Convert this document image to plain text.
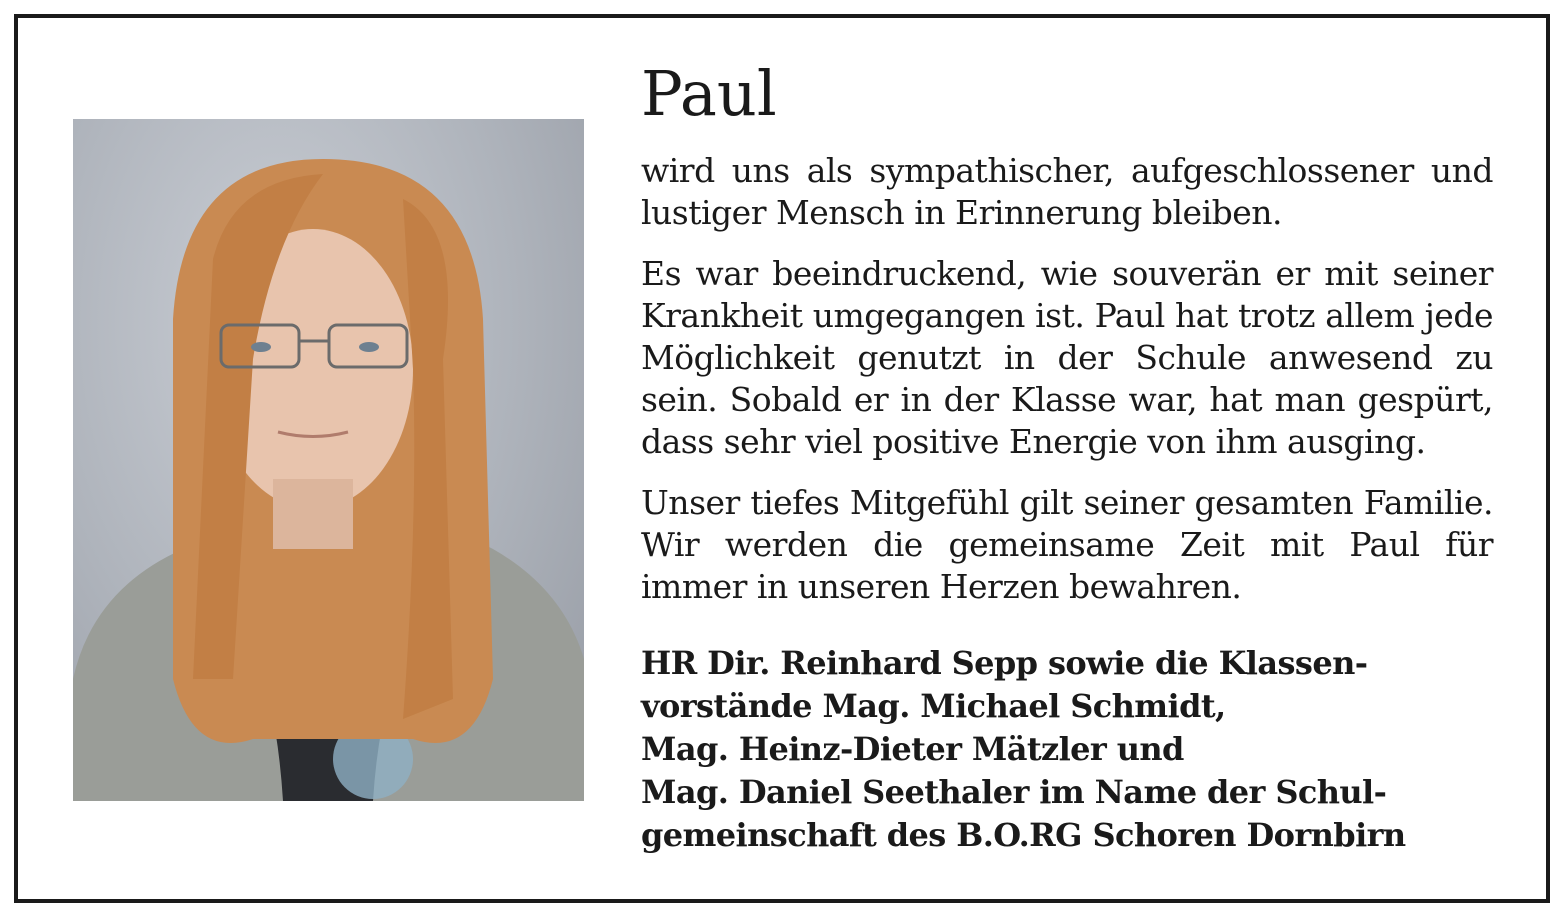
Paul

wird uns als sympathischer, aufgeschlossener und lustiger Mensch in Erinnerung bleiben.

Es war beeindruckend, wie souverän er mit seiner Krankheit umgegangen ist. Paul hat trotz allem jede Möglichkeit genutzt in der Schule anwesend zu sein. Sobald er in der Klasse war, hat man gespürt, dass sehr viel positive Energie von ihm ausging.

Unser tiefes Mitgefühl gilt seiner gesamten Familie. Wir werden die gemeinsame Zeit mit Paul für immer in unseren Herzen bewahren.

HR Dir. Reinhard Sepp sowie die Klassen-
vorstände Mag. Michael Schmidt,
Mag. Heinz-Dieter Mätzler und
Mag. Daniel Seethaler im Name der Schul-
gemeinschaft des B.O.RG Schoren Dornbirn
